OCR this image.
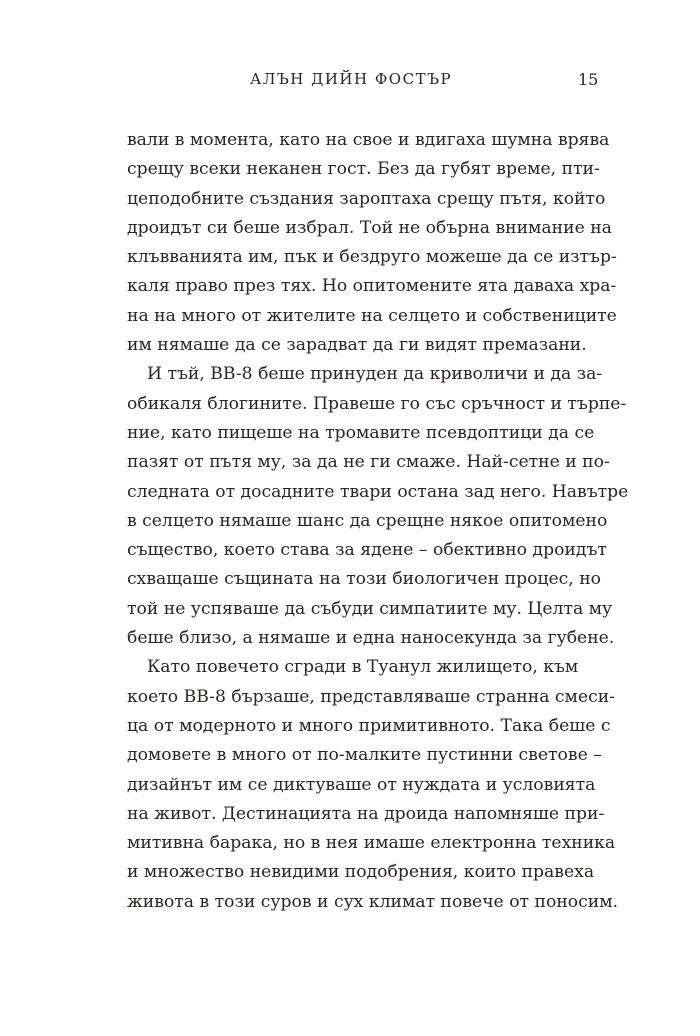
АЛЪН ДИЙН ФОСТЪР	15
вали в момента, като на свое и вдигаха шумна врява
срещу всеки неканен гост. Без да губят време, пти-
цеподобните създания зароптаха срещу пътя, който
дроидът си беше избрал. Той не обърна внимание на
клъвванията им, пък и бездруго можеше да се изтър-
каля право през тях. Но опитомените ята даваха хра-
на на много от жителите на селцето и собствениците
им нямаше да се зарадват да ги видят премазани.
И тъй, BB-8 беше принуден да криволичи и да за-
обикаля блогините. Правеше го със сръчност и търпе-
ние, като пищеше на тромавите псевдоптици да се
пазят от пътя му, за да не ги смаже. Най-сетне и по-
следната от досадните твари остана зад него. Навътре
в селцето нямаше шанс да срещне някое опитомено
същество, което става за ядене – обективно дроидът
схващаше същината на този биологичен процес, но
той не успяваше да събуди симпатиите му. Целта му
беше близо, а нямаше и една наносекунда за губене.
Като повечето сгради в Туанул жилището, към
което BB-8 бързаше, представляваше странна смеси-
ца от модерното и много примитивното. Така беше с
домовете в много от по-малките пустинни светове –
дизайнът им се диктуваше от нуждата и условията
на живот. Дестинацията на дроида напомняше при-
митивна барака, но в нея имаше електронна техника
и множество невидими подобрения, които правеха
живота в този суров и сух климат повече от поносим.
